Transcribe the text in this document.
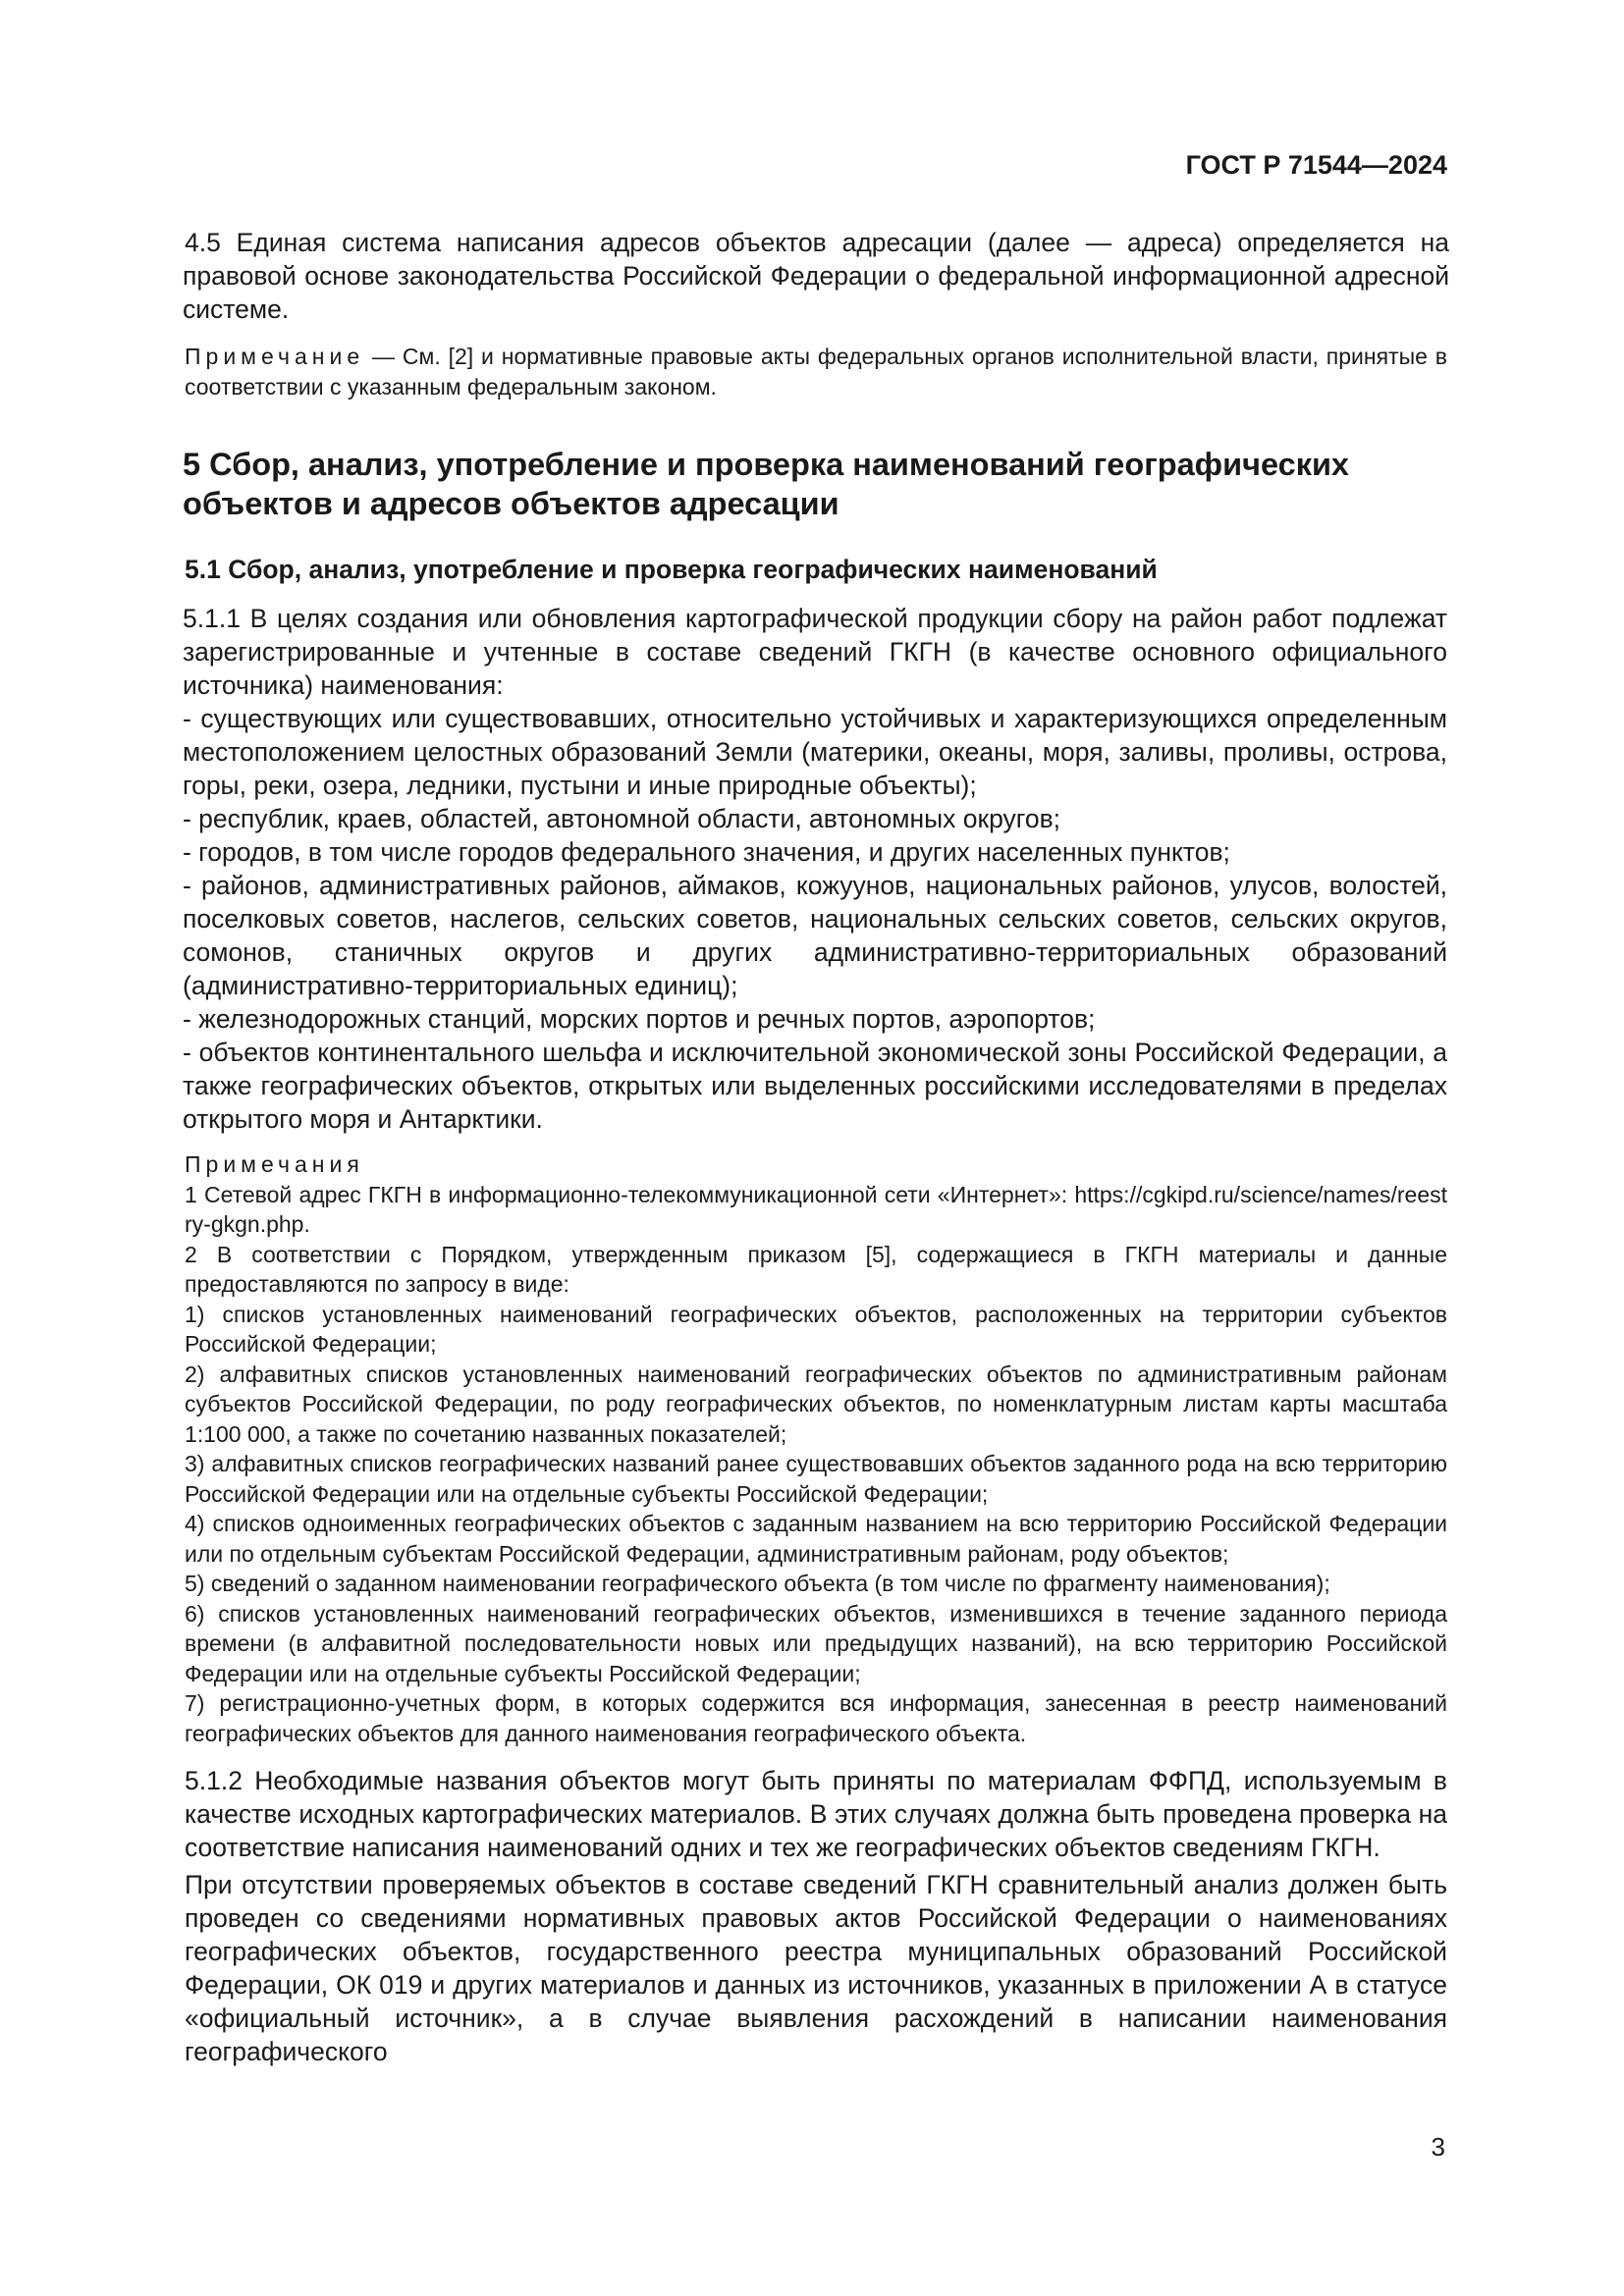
ГОСТ Р 71544—2024

4.5 Единая система написания адресов объектов адресации (далее — адреса) определяется на правовой основе законодательства Российской Федерации о федеральной информационной адресной системе.

Примечание — См. [2] и нормативные правовые акты федеральных органов исполнительной власти, принятые в соответствии с указанным федеральным законом.

5 Сбор, анализ, употребление и проверка наименований географических объектов и адресов объектов адресации
5.1 Сбор, анализ, употребление и проверка географических наименований

5.1.1 В целях создания или обновления картографической продукции сбору на район работ подлежат зарегистрированные и учтенные в составе сведений ГКГН (в качестве основного официального источника) наименования:

- существующих или существовавших, относительно устойчивых и характеризующихся определенным местоположением целостных образований Земли (материки, океаны, моря, заливы, проливы, острова, горы, реки, озера, ледники, пустыни и иные природные объекты);

- республик, краев, областей, автономной области, автономных округов;

- городов, в том числе городов федерального значения, и других населенных пунктов;

- районов, административных районов, аймаков, кожуунов, национальных районов, улусов, волостей, поселковых советов, наслегов, сельских советов, национальных сельских советов, сельских округов, сомонов, станичных округов и других административно-территориальных образований (административно-территориальных единиц);

- железнодорожных станций, морских портов и речных портов, аэропортов;

- объектов континентального шельфа и исключительной экономической зоны Российской Федерации, а также географических объектов, открытых или выделенных российскими исследователями в пределах открытого моря и Антарктики.

Примечания

1 Сетевой адрес ГКГН в информационно-телекоммуникационной сети «Интернет»: https://cgkipd.ru/science/names/reestry-gkgn.php.

2 В соответствии с Порядком, утвержденным приказом [5], содержащиеся в ГКГН материалы и данные предоставляются по запросу в виде:

1) списков установленных наименований географических объектов, расположенных на территории субъектов Российской Федерации;

2) алфавитных списков установленных наименований географических объектов по административным районам субъектов Российской Федерации, по роду географических объектов, по номенклатурным листам карты масштаба 1:100 000, а также по сочетанию названных показателей;

3) алфавитных списков географических названий ранее существовавших объектов заданного рода на всю территорию Российской Федерации или на отдельные субъекты Российской Федерации;

4) списков одноименных географических объектов с заданным названием на всю территорию Российской Федерации или по отдельным субъектам Российской Федерации, административным районам, роду объектов;

5) сведений о заданном наименовании географического объекта (в том числе по фрагменту наименования);

6) списков установленных наименований географических объектов, изменившихся в течение заданного периода времени (в алфавитной последовательности новых или предыдущих названий), на всю территорию Российской Федерации или на отдельные субъекты Российской Федерации;

7) регистрационно-учетных форм, в которых содержится вся информация, занесенная в реестр наименований географических объектов для данного наименования географического объекта.

5.1.2 Необходимые названия объектов могут быть приняты по материалам ФФПД, используемым в качестве исходных картографических материалов. В этих случаях должна быть проведена проверка на соответствие написания наименований одних и тех же географических объектов сведениям ГКГН.

При отсутствии проверяемых объектов в составе сведений ГКГН сравнительный анализ должен быть проведен со сведениями нормативных правовых актов Российской Федерации о наименованиях географических объектов, государственного реестра муниципальных образований Российской Федерации, ОК 019 и других материалов и данных из источников, указанных в приложении А в статусе «официальный источник», а в случае выявления расхождений в написании наименования географического

3
